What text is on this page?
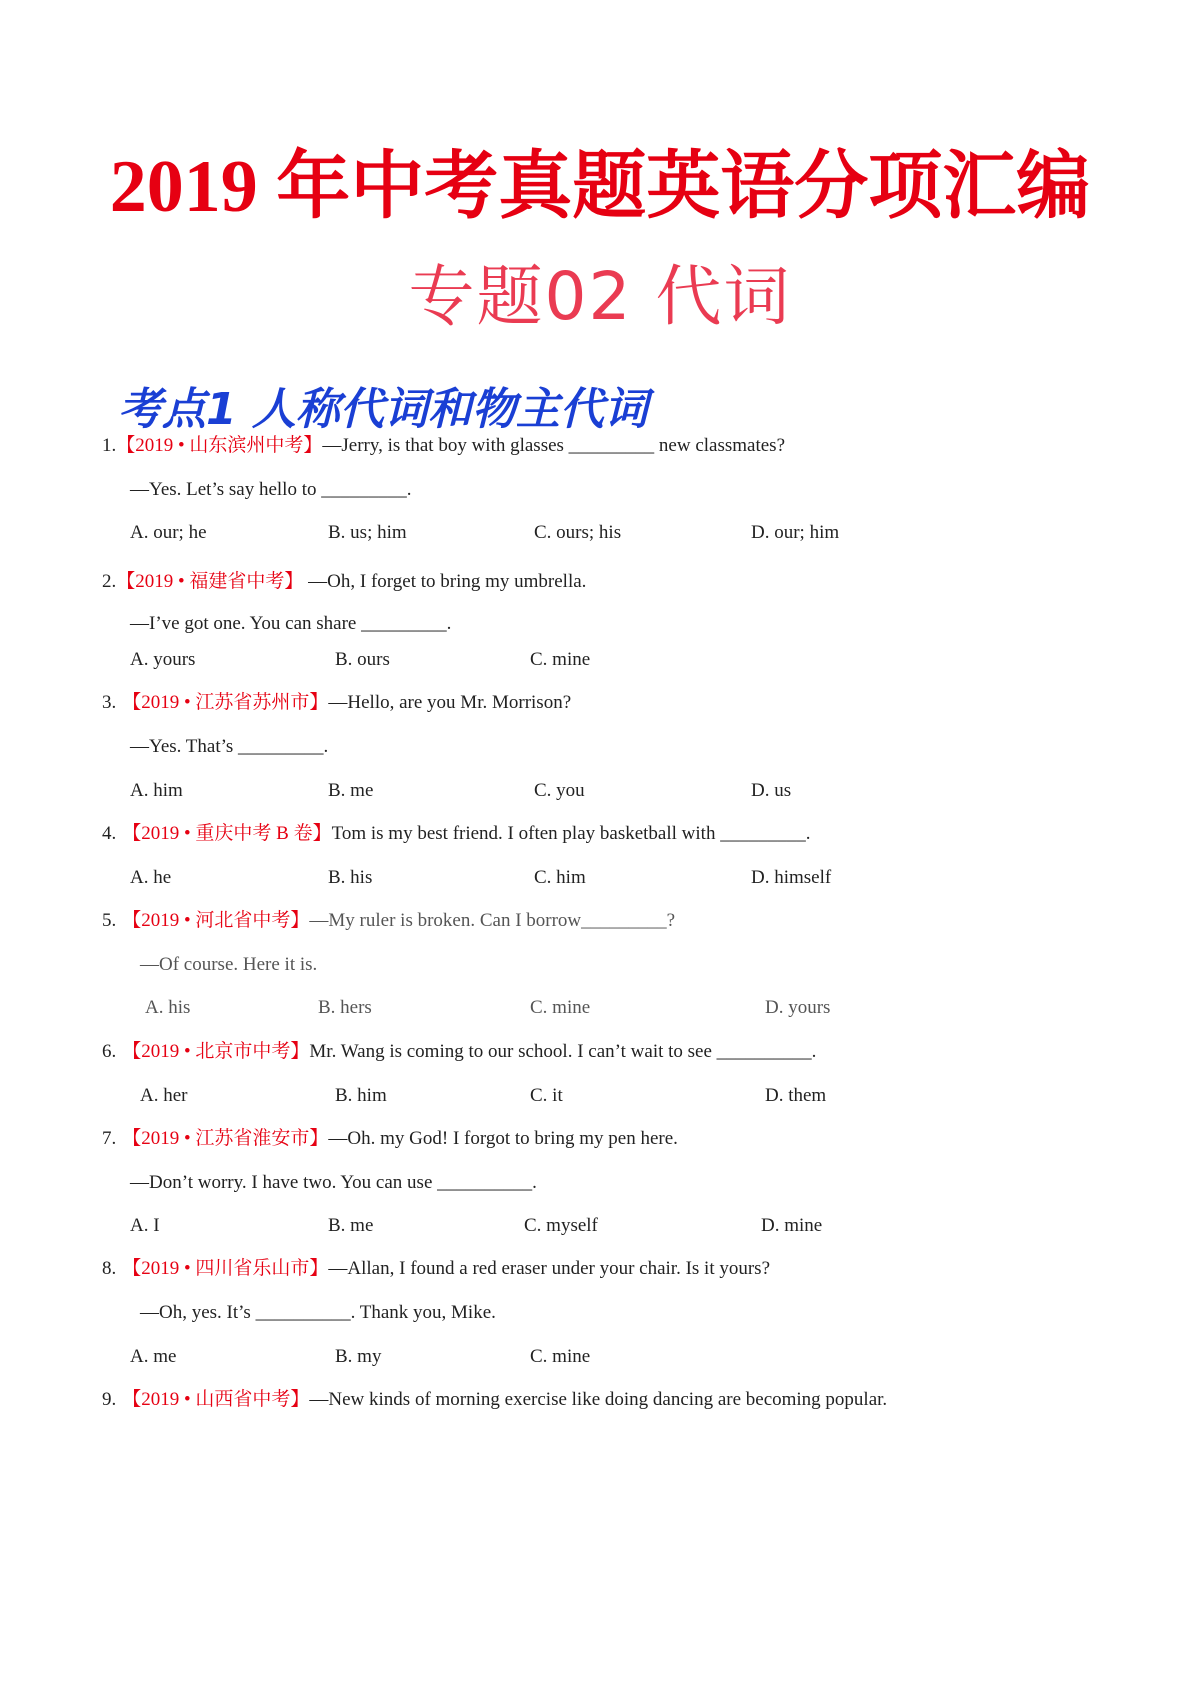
2019 年中考真题英语分项汇编
专题02 代词
考点1 人称代词和物主代词
1.【2019 • 山东滨州中考】—Jerry, is that boy with glasses _________ new classmates?
—Yes. Let’s say hello to _________.
A. our; he	B. us; him	C. ours; his	D. our; him
2.【2019 • 福建省中考】 —Oh, I forget to bring my umbrella.
—I’ve got one. You can share _________.
A. yours	B. ours	C. mine
3. 【2019 • 江苏省苏州市】—Hello, are you Mr. Morrison?
—Yes. That’s _________.
A. him	B. me	C. you	D. us
4. 【2019 • 重庆中考 B 卷】Tom is my best friend. I often play basketball with _________.
A. he	B. his	C. him	D. himself
5. 【2019 • 河北省中考】—My ruler is broken. Can I borrow_________?
—Of course. Here it is.
A. his	B. hers	C. mine	D. yours
6. 【2019 • 北京市中考】Mr. Wang is coming to our school. I can’t wait to see __________.
A. her	B. him	C. it	D. them
7. 【2019 • 江苏省淮安市】—Oh. my God! I forgot to bring my pen here.
—Don’t worry. I have two. You can use __________.
A. I	B. me	C. myself	D. mine
8. 【2019 • 四川省乐山市】—Allan, I found a red eraser under your chair. Is it yours?
—Oh, yes. It’s __________. Thank you, Mike.
A. me	B. my	C. mine
9. 【2019 • 山西省中考】—New kinds of morning exercise like doing dancing are becoming popular.
